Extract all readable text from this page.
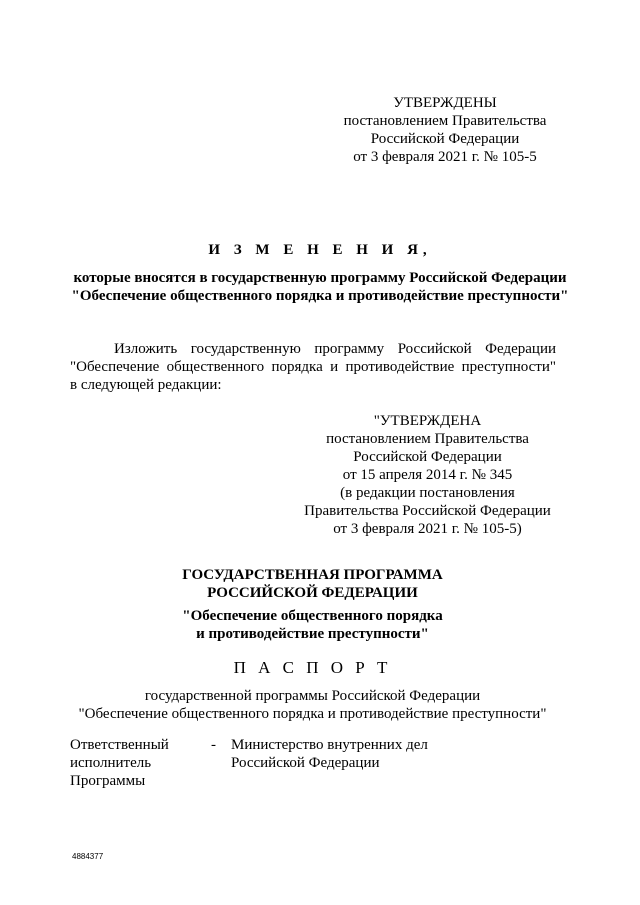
УТВЕРЖДЕНЫ
постановлением Правительства
Российской Федерации
от 3 февраля 2021 г. № 105-5
И З М Е Н Е Н И Я,
которые вносятся в государственную программу Российской Федерации
"Обеспечение общественного порядка и противодействие преступности"
Изложить государственную программу Российской Федерации
"Обеспечение общественного порядка и противодействие преступности"
в следующей редакции:
"УТВЕРЖДЕНА
постановлением Правительства
Российской Федерации
от 15 апреля 2014 г. № 345
(в редакции постановления
Правительства Российской Федерации
от 3 февраля 2021 г. № 105-5)
ГОСУДАРСТВЕННАЯ ПРОГРАММА
РОССИЙСКОЙ ФЕДЕРАЦИИ
"Обеспечение общественного порядка
и противодействие преступности"
П А С П О Р Т
государственной программы Российской Федерации
"Обеспечение общественного порядка и противодействие преступности"
Ответственный
исполнитель
Программы
- Министерство внутренних дел
Российской Федерации
4884377
